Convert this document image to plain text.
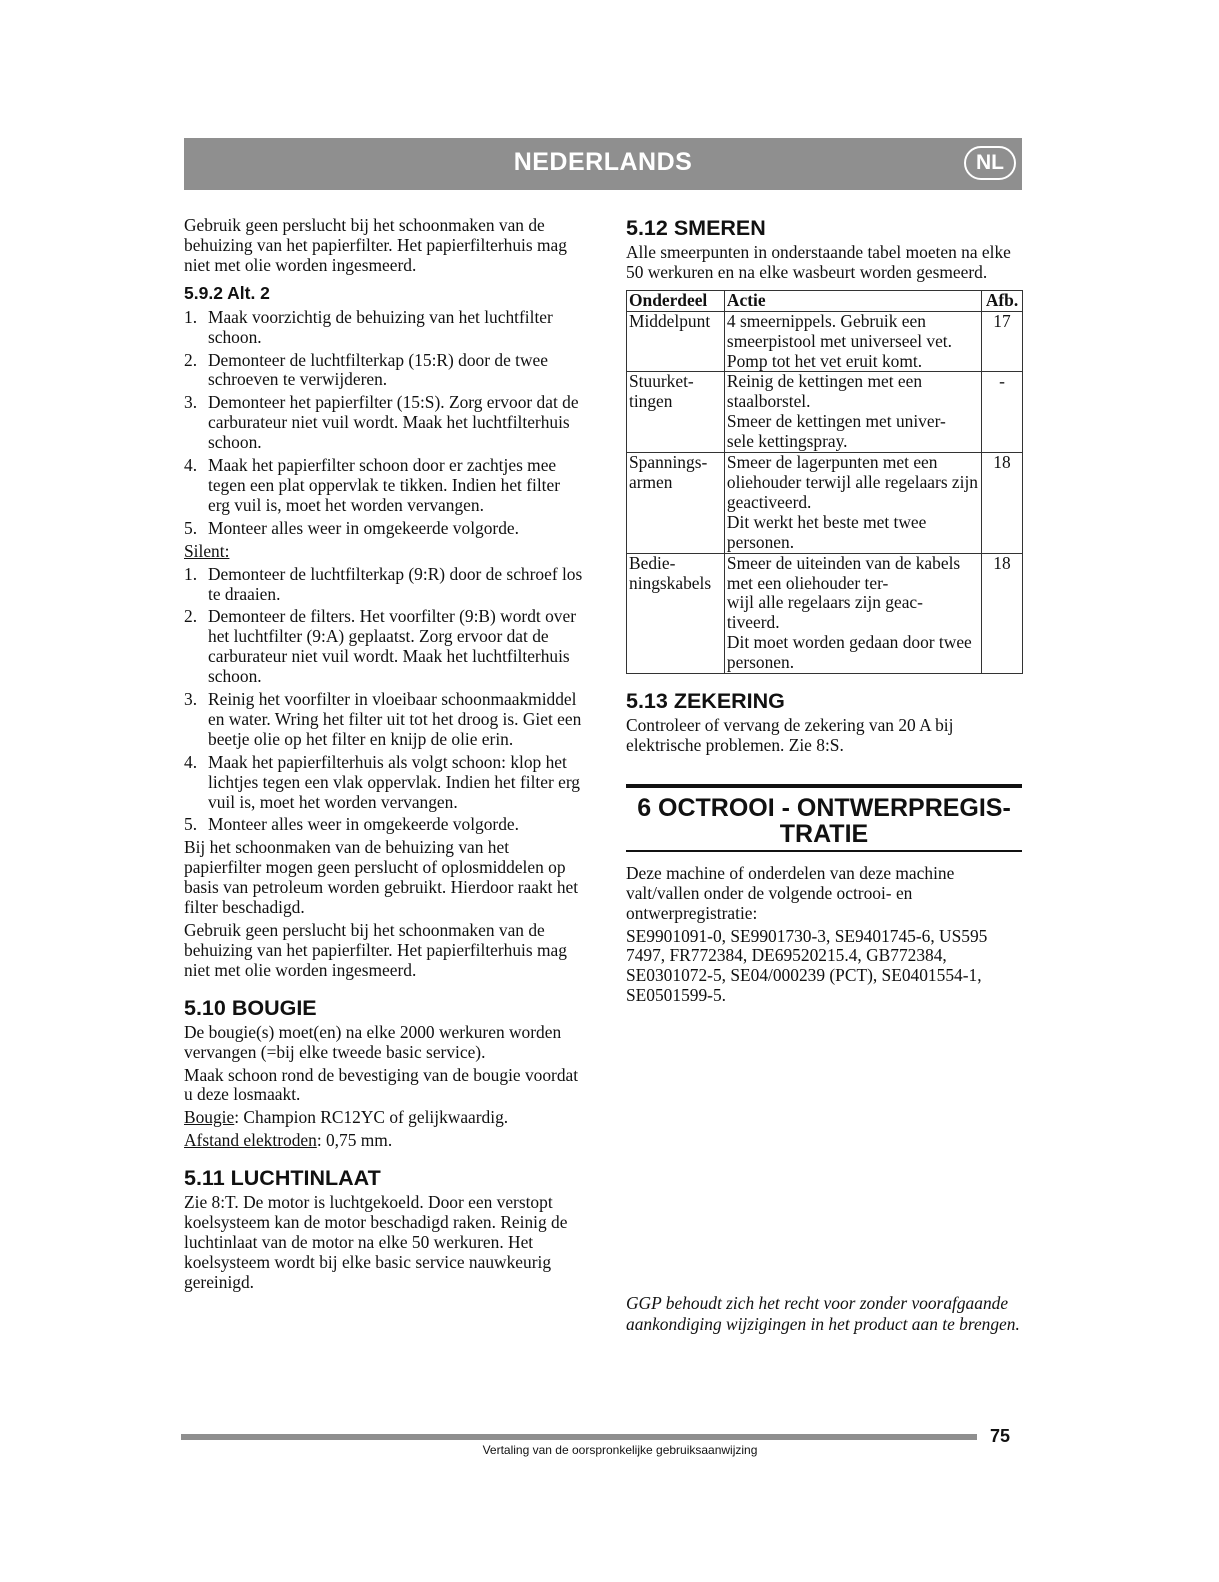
NEDERLANDS	NL

Gebruik geen perslucht bij het schoonmaken van de behuizing van het papierfilter. Het papierfilterhuis mag niet met olie worden ingesmeerd.

5.9.2 Alt. 2
1. Maak voorzichtig de behuizing van het luchtfilter schoon.
2. Demonteer de luchtfilterkap (15:R) door de twee schroeven te verwijderen.
3. Demonteer het papierfilter (15:S). Zorg ervoor dat de carburateur niet vuil wordt. Maak het luchtfilterhuis schoon.
4. Maak het papierfilter schoon door er zachtjes mee tegen een plat oppervlak te tikken. Indien het filter erg vuil is, moet het worden vervangen.
5. Monteer alles weer in omgekeerde volgorde.

Silent:

1. Demonteer de luchtfilterkap (9:R) door de schroef los te draaien.
2. Demonteer de filters. Het voorfilter (9:B) wordt over het luchtfilter (9:A) geplaatst. Zorg ervoor dat de carburateur niet vuil wordt. Maak het luchtfilterhuis schoon.
3. Reinig het voorfilter in vloeibaar schoonmaakmiddel en water. Wring het filter uit tot het droog is. Giet een beetje olie op het filter en knijp de olie erin.
4. Maak het papierfilterhuis als volgt schoon: klop het lichtjes tegen een vlak oppervlak. Indien het filter erg vuil is, moet het worden vervangen.
5. Monteer alles weer in omgekeerde volgorde.

Bij het schoonmaken van de behuizing van het papierfilter mogen geen perslucht of oplosmiddelen op basis van petroleum worden gebruikt. Hierdoor raakt het filter beschadigd.

Gebruik geen perslucht bij het schoonmaken van de behuizing van het papierfilter. Het papierfilterhuis mag niet met olie worden ingesmeerd.

5.10 BOUGIE

De bougie(s) moet(en) na elke 2000 werkuren worden vervangen (=bij elke tweede basic service).

Maak schoon rond de bevestiging van de bougie voordat u deze losmaakt.

Bougie: Champion RC12YC of gelijkwaardig.

Afstand elektroden: 0,75 mm.

5.11 LUCHTINLAAT

Zie 8:T. De motor is luchtgekoeld. Door een verstopt koelsysteem kan de motor beschadigd raken. Reinig de luchtinlaat van de motor na elke 50 werkuren. Het koelsysteem wordt bij elke basic service nauwkeurig gereinigd.

5.12 SMEREN

Alle smeerpunten in onderstaande tabel moeten na elke 50 werkuren en na elke wasbeurt worden gesmeerd.

Onderdeel	Actie	Afb.
Middelpunt	4 smeernippels. Gebruik een smeerpistool met universeel vet. Pomp tot het vet eruit komt.	17
Stuurket-
tingen	Reinig de kettingen met een staalborstel.
Smeer de kettingen met univer-
sele kettingspray.	-
Spannings-
armen	Smeer de lagerpunten met een oliehouder terwijl alle regelaars zijn geactiveerd.
Dit werkt het beste met twee personen.	18
Bedie-
ningskabels	Smeer de uiteinden van de kabels met een oliehouder ter-
wijl alle regelaars zijn geac-
tiveerd.
Dit moet worden gedaan door twee personen.	18
5.13 ZEKERING

Controleer of vervang de zekering van 20 A bij elektrische problemen. Zie 8:S.

6 OCTROOI - ONTWERPREGIS-
TRATIE

Deze machine of onderdelen van deze machine valt/vallen onder de volgende octrooi- en ontwerpregistratie:

SE9901091-0, SE9901730-3, SE9401745-6, US595 7497, FR772384, DE69520215.4, GB772384, SE0301072-5, SE04/000239 (PCT), SE0401554-1, SE0501599-5.

GGP behoudt zich het recht voor zonder voorafgaande aankondiging wijzigingen in het product aan te brengen.
75
Vertaling van de oorspronkelijke gebruiksaanwijzing
